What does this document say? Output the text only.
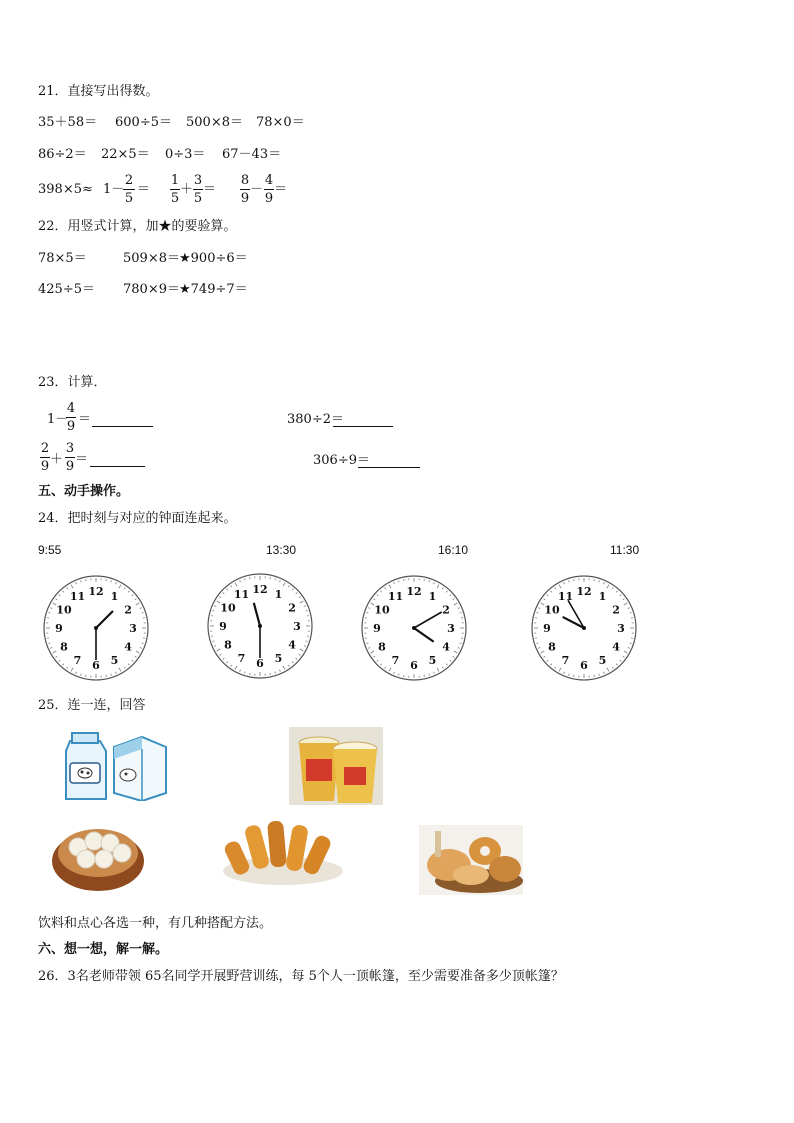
21．直接写出得数。
35＋58＝ 600÷5＝ 500×8＝ 78×0＝
86÷2＝ 22×5＝ 0÷3＝ 67－43＝
398×5≈ 1－
2
5
＝
1
5
＋
3
5
＝
8
9
－
4
9
＝
22．用竖式计算，加★的要验算。
78×5＝	509×8＝ ★900÷6＝
425÷5＝ 780×9＝ ★749÷7＝
23．计算．
1－
4
9 ＝	380÷2＝
2
9 ＋
3
9 ＝	306÷9＝
五、动手操作。
24．把时刻与对应的钟面连起来。
9:55	13:30	16:10	11:30
12 1
2
3
4
5
6
7
8
9
10
11
12 1
2
3
4
5
6
7
8
9
10
11	12 1
2
3
4
5
6
7
8
9
10
11	12 1
2
3
4
5
6
7
8
9
10
11
25．连一连，回答
饮料和点心各选一种，有几种搭配方法。
六、想一想，解一解。
26．3名老师带领 65名同学开展野营训练，每 5个人一顶帐篷，至少需要准备多少顶帐篷？
